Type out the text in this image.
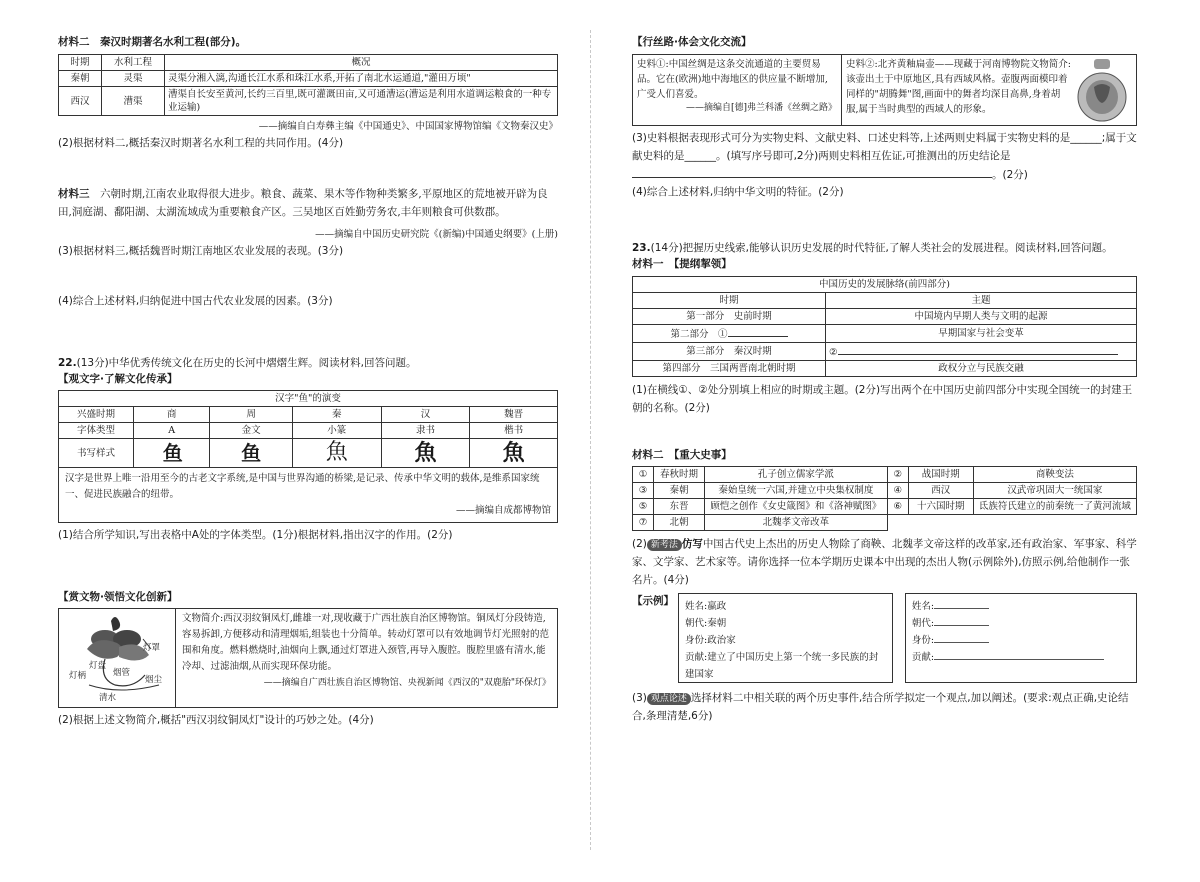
材料二　秦汉时期著名水利工程(部分)。

时期	水利工程	概况
秦朝	灵渠	灵渠分湘入漓,沟通长江水系和珠江水系,开拓了南北水运通道,"灌田万顷"
西汉	漕渠	漕渠自长安至黄河,长约三百里,既可灌溉田亩,又可通漕运(漕运是利用水道调运粮食的一种专业运输)

——摘编自白寿彝主编《中国通史》、中国国家博物馆编《文物秦汉史》

(2)根据材料二,概括秦汉时期著名水利工程的共同作用。(4分)

材料三　 六朝时期,江南农业取得很大进步。粮食、蔬菜、果木等作物种类繁多,平原地区的荒地被开辟为良田,洞庭湖、鄱阳湖、太湖流域成为重要粮食产区。三吴地区百姓勤劳务农,丰年则粮食可供数郡。

——摘编自中国历史研究院《(新编)中国通史纲要》(上册)

(3)根据材料三,概括魏晋时期江南地区农业发展的表现。(3分)

(4)综合上述材料,归纳促进中国古代农业发展的因素。(3分)

22.(13分)中华优秀传统文化在历史的长河中熠熠生辉。阅读材料,回答问题。

【观文字·了解文化传承】

汉字"鱼"的演变					
兴盛时期	商	周	秦	汉	魏晋
字体类型	A	金文	小篆	隶书	楷书
书写样式	⻥	⻥	魚	魚	魚

汉字是世界上唯一沿用至今的古老文字系统,是中国与世界沟通的桥梁,是记录、传承中华文明的载体,是维系国家统一、促进民族融合的纽带。

——摘编自成都博物馆

(1)结合所学知识,写出表格中A处的字体类型。(1分)根据材料,指出汉字的作用。(2分)

【赏文物·领悟文化创新】

灯罩
灯盘
烟管
灯柄	烟尘
清水

文物简介:西汉羽纹铜凤灯,雌雄一对,现收藏于广西壮族自治区博物馆。铜凤灯分段铸造,容易拆卸,方便移动和清理烟垢,组装也十分简单。转动灯罩可以有效地调节灯光照射的范围和角度。燃料燃烧时,油烟向上飘,通过灯罩进入颈管,再导入腹腔。腹腔里盛有清水,能冷却、过滤油烟,从而实现环保功能。

——摘编自广西壮族自治区博物馆、央视新闻《西汉的"双鹿胎"环保灯》

(2)根据上述文物简介,概括"西汉羽纹铜凤灯"设计的巧妙之处。(4分)

【行丝路·体会文化交流】

史料①:中国丝绸是这条交流通道的主要贸易品。它在(欧洲)地中海地区的供应量不断增加,广受人们喜爱。

——摘编自[德]弗兰科潘《丝绸之路》

史料②:北齐黄釉扁壶——现藏于河南博物院文物简介:该壶出土于中原地区,具有西域风格。壶腹两面模印着同样的"胡腾舞"图,画面中的舞者均深目高鼻,身着胡服,属于当时典型的西域人的形象。

(3)史料根据表现形式可分为实物史料、文献史料、口述史料等,上述两则史料属于实物史料的是______;属于文献史料的是______。(填写序号即可,2分)两则史料相互佐证,可推测出的历史结论是。(2分)

(4)综合上述材料,归纳中华文明的特征。(2分)

23.(14分)把握历史线索,能够认识历史发展的时代特征,了解人类社会的发展进程。阅读材料,回答问题。

材料一　【提纲挈领】

中国历史的发展脉络(前四部分)	
时期	主题
第一部分　史前时期	中国境内早期人类与文明的起源
第二部分　①	早期国家与社会变革
第三部分　秦汉时期	②
第四部分　三国两晋南北朝时期	政权分立与民族交融

(1)在横线①、②处分别填上相应的时期或主题。(2分)写出两个在中国历史前四部分中实现全国统一的封建王朝的名称。(2分)

材料二　【重大史事】

①	春秋时期	孔子创立儒家学派	②	战国时期	商鞅变法
③	秦朝	秦始皇统一六国,并建立中央集权制度	④	西汉	汉武帝巩固大一统国家
⑤	东晋	顾恺之创作《女史箴图》和《洛神赋图》	⑥	十六国时期	氐族符氏建立的前秦统一了黄河流域
⑦	北朝	北魏孝文帝改革			

(2) 新考法 仿写中国古代史上杰出的历史人物除了商鞅、北魏孝文帝这样的改革家,还有政治家、军事家、科学家、文学家、艺术家等。请你选择一位本学期历史课本中出现的杰出人物(示例除外),仿照示例,给他制作一张名片。(4分)

【示例】	姓名:嬴政

朝代:秦朝

身份:政治家

贡献:建立了中国历史上第一个统一多民族的封建国家

姓名:

朝代:

身份:

贡献:

(3) 观点论述 选择材料二中相关联的两个历史事件,结合所学拟定一个观点,加以阐述。(要求:观点正确,史论结合,条理清楚,6分)
